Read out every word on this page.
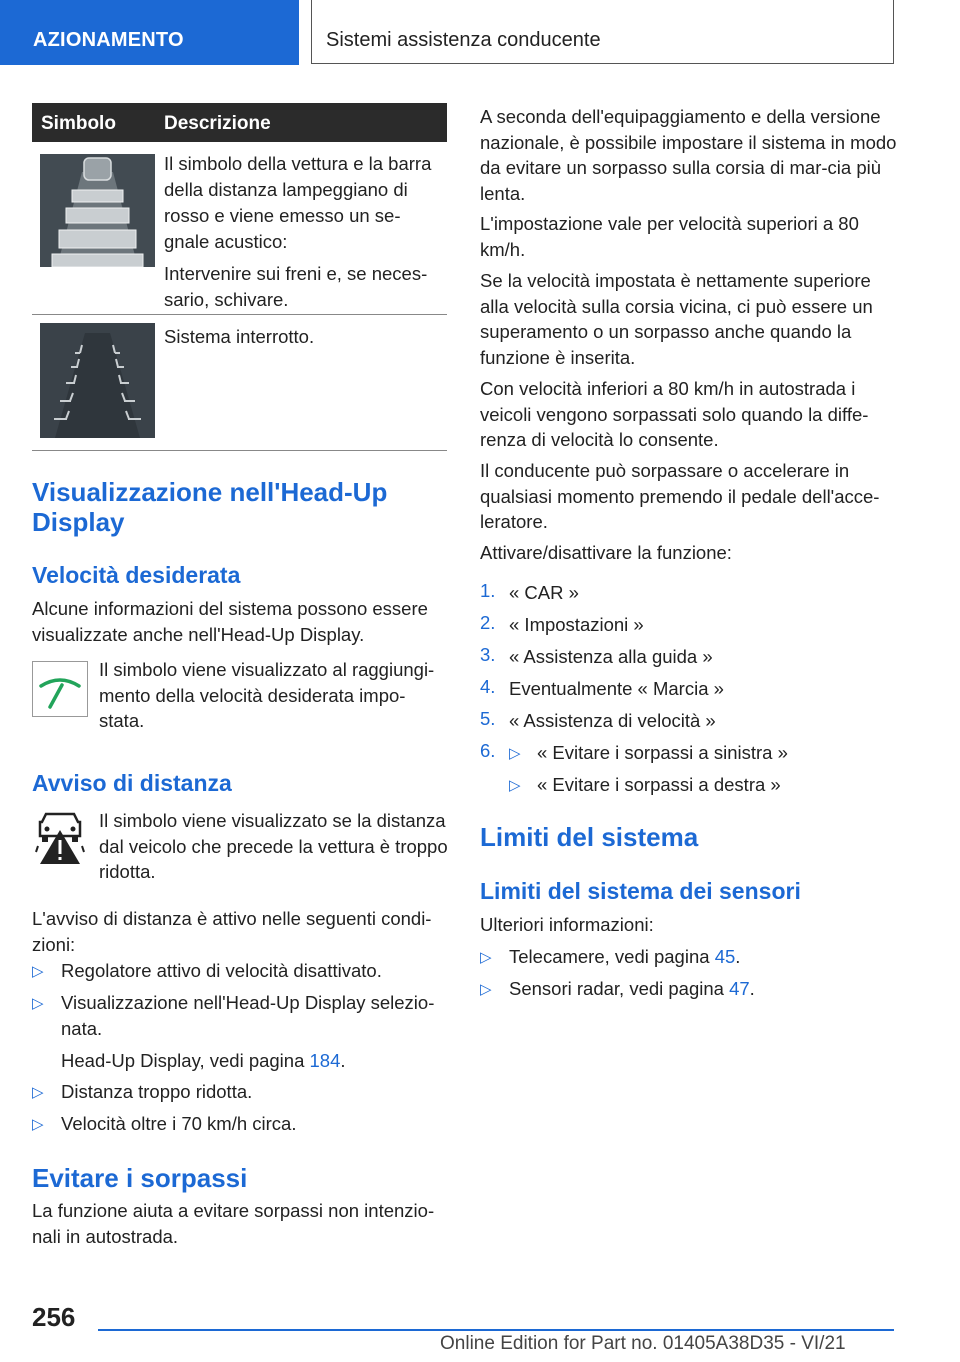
AZIONAMENTO	Sistemi assistenza conducente
Simbolo	Descrizione

Il simbolo della vettura e la barra della distanza lampeggiano di rosso e viene emesso un se-gnale acustico:

Intervenire sui freni e, se neces-sario, schivare.

Sistema interrotto.

Visualizzazione nell'Head-Up Display
Velocità desiderata

Alcune informazioni del sistema possono essere visualizzate anche nell'Head-Up Display.

Il simbolo viene visualizzato al raggiungi-mento della velocità desiderata impo-stata.

Avviso di distanza

Il simbolo viene visualizzato se la distanza dal veicolo che precede la vettura è troppo ridotta.

L'avviso di distanza è attivo nelle seguenti condi-zioni:

▷ Regolatore attivo di velocità disattivato.

▷ Visualizzazione nell'Head-Up Display selezio-nata.

Head-Up Display, vedi pagina 184.

▷ Distanza troppo ridotta.

▷ Velocità oltre i 70 km/h circa.

Evitare i sorpassi

La funzione aiuta a evitare sorpassi non intenzio-nali in autostrada.

A seconda dell'equipaggiamento e della versione nazionale, è possibile impostare il sistema in modo da evitare un sorpasso sulla corsia di mar-cia più lenta.

L'impostazione vale per velocità superiori a 80 km/h.

Se la velocità impostata è nettamente superiore alla velocità sulla corsia vicina, ci può essere un superamento o un sorpasso anche quando la funzione è inserita.

Con velocità inferiori a 80 km/h in autostrada i veicoli vengono sorpassati solo quando la diffe-renza di velocità lo consente.

Il conducente può sorpassare o accelerare in qualsiasi momento premendo il pedale dell'acce-leratore.

Attivare/disattivare la funzione:

1. « CAR »

2. « Impostazioni »

3. « Assistenza alla guida »

4. Eventualmente « Marcia »

5. « Assistenza di velocità »

6. ▷ « Evitare i sorpassi a sinistra »

▷ « Evitare i sorpassi a destra »

Limiti del sistema
Limiti del sistema dei sensori

Ulteriori informazioni:

▷ Telecamere, vedi pagina 45.

▷ Sensori radar, vedi pagina 47.

256
Online Edition for Part no. 01405A38D35 - VI/21
